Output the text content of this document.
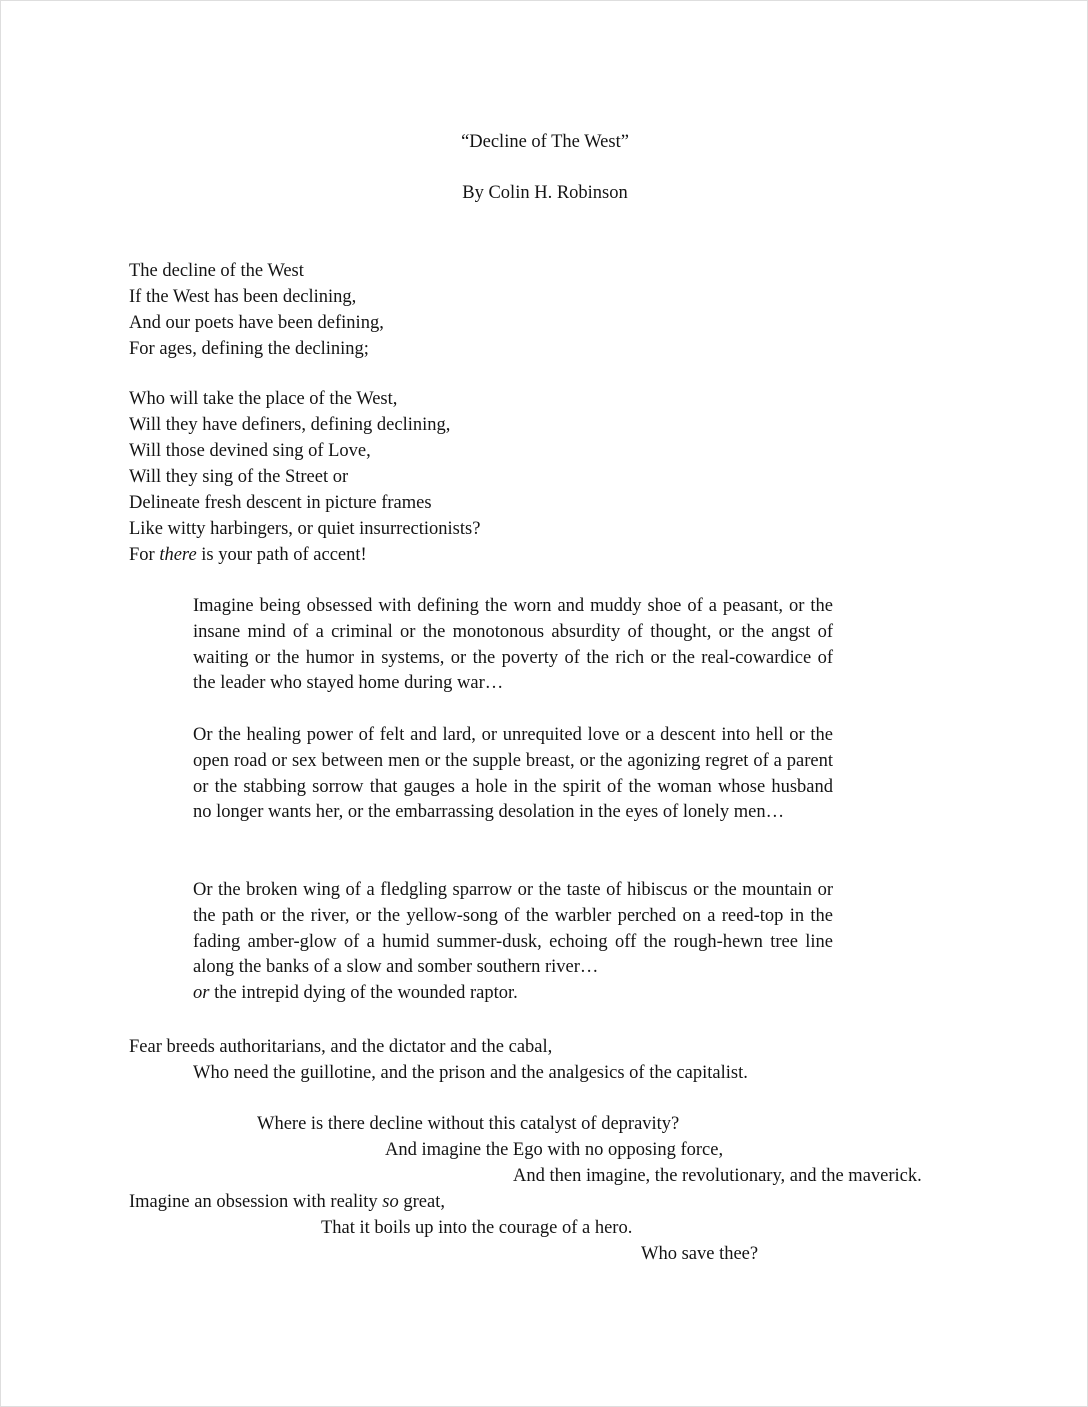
“Decline of The West”

By Colin H. Robinson

The decline of the West
If the West has been declining,
And our poets have been defining,
For ages, defining the declining;

Who will take the place of the West,
Will they have definers, defining declining,
Will those devined sing of Love,
Will they sing of the Street or
Delineate fresh descent in picture frames
Like witty harbingers, or quiet insurrectionists?
For there is your path of accent!

Imagine being obsessed with defining the worn and muddy shoe of a peasant, or the insane mind of a criminal or the monotonous absurdity of thought, or the angst of waiting or the humor in systems, or the poverty of the rich or the real-cowardice of the leader who stayed home during war…

Or the healing power of felt and lard, or unrequited love or a descent into hell or the open road or sex between men or the supple breast, or the agonizing regret of a parent or the stabbing sorrow that gauges a hole in the spirit of the woman whose husband no longer wants her, or the embarrassing desolation in the eyes of lonely men…

Or the broken wing of a fledgling sparrow or the taste of hibiscus or the mountain or the path or the river, or the yellow-song of the warbler perched on a reed-top in the fading amber-glow of a humid summer-dusk, echoing off the rough-hewn tree line along the banks of a slow and somber southern river…
or the intrepid dying of the wounded raptor.

Fear breeds authoritarians, and the dictator and the cabal,

Who need the guillotine, and the prison and the analgesics of the capitalist.

Where is there decline without this catalyst of depravity?

And imagine the Ego with no opposing force,

And then imagine, the revolutionary, and the maverick.

Imagine an obsession with reality so great,

That it boils up into the courage of a hero.

Who save thee?
